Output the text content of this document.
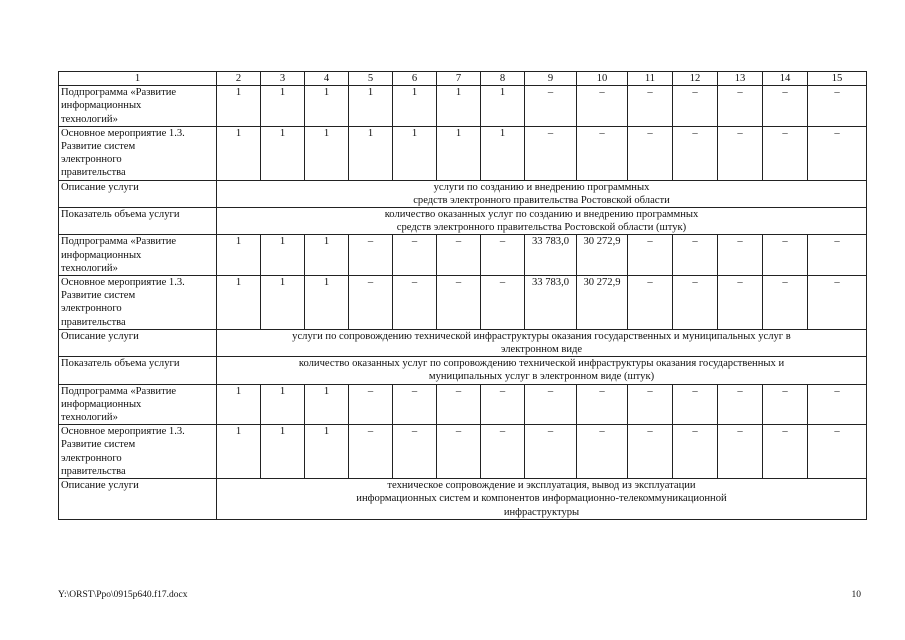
1	2	3	4	5	6	7	8	9	10	11	12	13	14	15

Подпрограмма «Развитие
информационных
технологий»	1	1	1	1	1	1	1	–	–	–	–	–	–	–

Основное мероприятие 1.3.
Развитие систем
электронного
правительства	1	1	1	1	1	1	1	–	–	–	–	–	–	–

Описание услуги	услуги по созданию и внедрению программных
средств электронного правительства Ростовской области													

Показатель объема услуги	количество оказанных услуг по созданию и внедрению программных
средств электронного правительства Ростовской области (штук)													

Подпрограмма «Развитие
информационных
технологий»	1	1	1	–	–	–	–	33 783,0	30 272,9	–	–	–	–	–

Основное мероприятие 1.3.
Развитие систем
электронного
правительства	1	1	1	–	–	–	–	33 783,0	30 272,9	–	–	–	–	–

Описание услуги	услуги по сопровождению технической инфраструктуры оказания государственных и муниципальных услуг в
электронном виде													

Показатель объема услуги	количество оказанных услуг по сопровождению технической инфраструктуры оказания государственных и
муниципальных услуг в электронном виде (штук)													

Подпрограмма «Развитие
информационных
технологий»	1	1	1	–	–	–	–	–	–	–	–	–	–	–

Основное мероприятие 1.3.
Развитие систем
электронного
правительства	1	1	1	–	–	–	–	–	–	–	–	–	–	–

Описание услуги	техническое сопровождение и эксплуатация, вывод из эксплуатации
информационных систем и компонентов информационно-телекоммуникационной
инфраструктуры													
Y:\ORST\Ppo\0915p640.f17.docx	10
